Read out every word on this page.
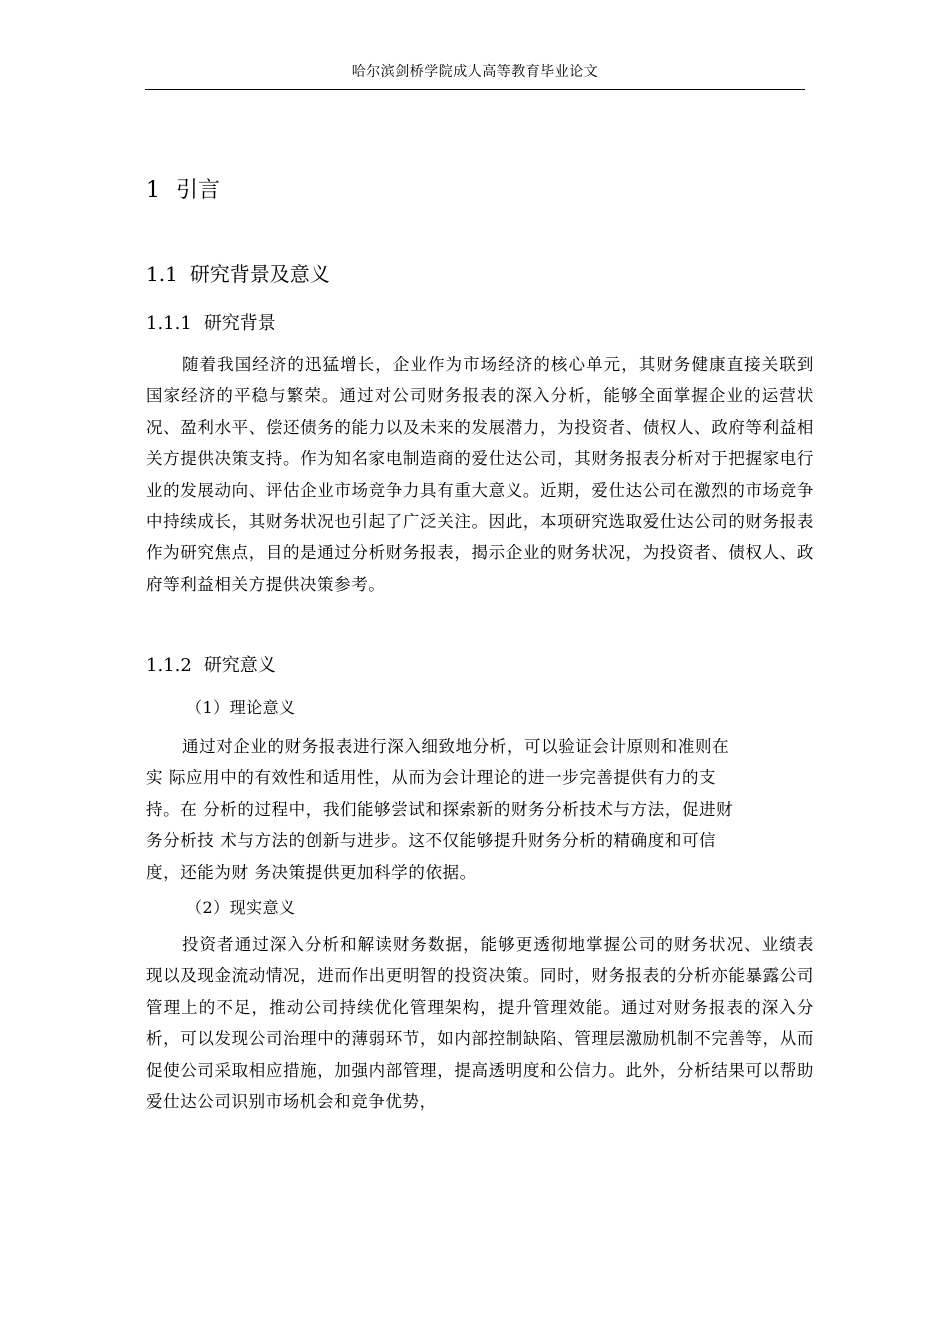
哈尔滨剑桥学院成人高等教育毕业论文
1 引言
1.1 研究背景及意义
1.1.1 研究背景

随着我国经济的迅猛增长，企业作为市场经济的核心单元，其财务健康直接关联到国家经济的平稳与繁荣。通过对公司财务报表的深入分析，能够全面掌握企业的运营状况、盈利水平、偿还债务的能力以及未来的发展潜力，为投资者、债权人、政府等利益相关方提供决策支持。作为知名家电制造商的爱仕达公司，其财务报表分析对于把握家电行业的发展动向、评估企业市场竞争力具有重大意义。近期，爱仕达公司在激烈的市场竞争中持续成长，其财务状况也引起了广泛关注。因此，本项研究选取爱仕达公司的财务报表作为研究焦点，目的是通过分析财务报表，揭示企业的财务状况，为投资者、债权人、政府等利益相关方提供决策参考。

1.1.2 研究意义
（1）理论意义
通过对企业的财务报表进行深入细致地分析，可以验证会计原则和准则在
实 际应用中的有效性和适用性，从而为会计理论的进一步完善提供有力的支
持。在 分析的过程中，我们能够尝试和探索新的财务分析技术与方法，促进财
务分析技 术与方法的创新与进步。这不仅能够提升财务分析的精确度和可信
度，还能为财 务决策提供更加科学的依据。
（2）现实意义

投资者通过深入分析和解读财务数据，能够更透彻地掌握公司的财务状况、业绩表现以及现金流动情况，进而作出更明智的投资决策。同时，财务报表的分析亦能暴露公司管理上的不足，推动公司持续优化管理架构，提升管理效能。通过对财务报表的深入分析，可以发现公司治理中的薄弱环节，如内部控制缺陷、管理层激励机制不完善等，从而促使公司采取相应措施，加强内部管理，提高透明度和公信力。此外，分析结果可以帮助爱仕达公司识别市场机会和竞争优势，
